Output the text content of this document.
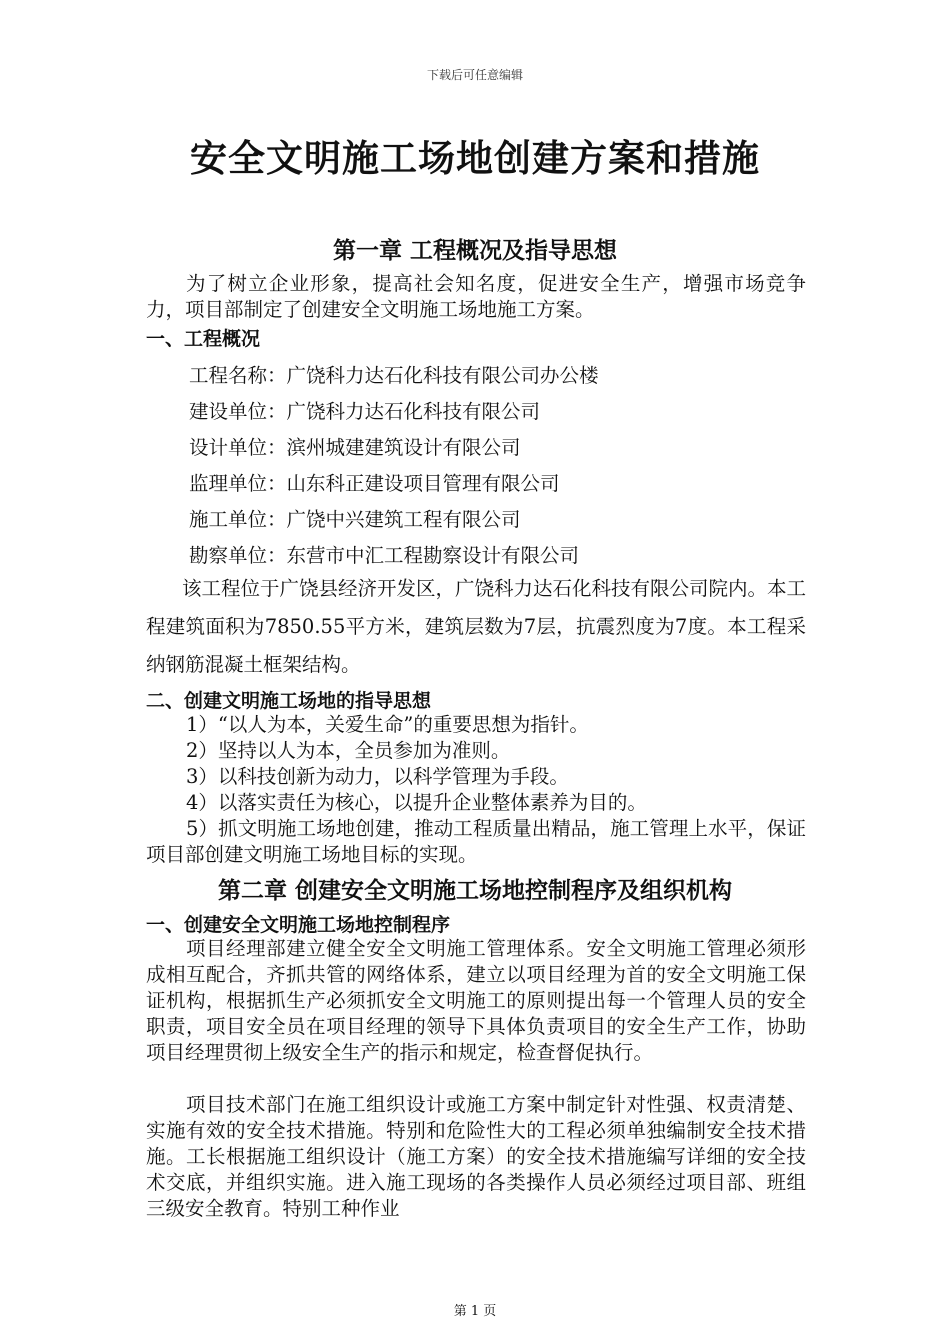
下载后可任意编辑
安全文明施工场地创建方案和措施
第一章 工程概况及指导思想
为了树立企业形象，提高社会知名度，促进安全生产，增强市场竞争力，项目部制定了创建安全文明施工场地施工方案。
一、工程概况
工程名称：广饶科力达石化科技有限公司办公楼
建设单位：广饶科力达石化科技有限公司
设计单位：滨州城建建筑设计有限公司
监理单位：山东科正建设项目管理有限公司
施工单位：广饶中兴建筑工程有限公司
勘察单位：东营市中汇工程勘察设计有限公司
该工程位于广饶县经济开发区，广饶科力达石化科技有限公司院内。本工程建筑面积为7850.55平方米，建筑层数为7层，抗震烈度为7度。本工程采纳钢筋混凝土框架结构。
二、创建文明施工场地的指导思想
1）“以人为本，关爱生命”的重要思想为指针。
2）坚持以人为本，全员参加为准则。
3）以科技创新为动力，以科学管理为手段。
4）以落实责任为核心，以提升企业整体素养为目的。
5）抓文明施工场地创建，推动工程质量出精品，施工管理上水平，保证项目部创建文明施工场地目标的实现。
第二章 创建安全文明施工场地控制程序及组织机构
一、创建安全文明施工场地控制程序
项目经理部建立健全安全文明施工管理体系。安全文明施工管理必须形成相互配合，齐抓共管的网络体系，建立以项目经理为首的安全文明施工保证机构，根据抓生产必须抓安全文明施工的原则提出每一个管理人员的安全职责，项目安全员在项目经理的领导下具体负责项目的安全生产工作，协助项目经理贯彻上级安全生产的指示和规定，检查督促执行。
项目技术部门在施工组织设计或施工方案中制定针对性强、权责清楚、实施有效的安全技术措施。特别和危险性大的工程必须单独编制安全技术措施。工长根据施工组织设计（施工方案）的安全技术措施编写详细的安全技术交底，并组织实施。进入施工现场的各类操作人员必须经过项目部、班组三级安全教育。特别工种作业
第 1 页
